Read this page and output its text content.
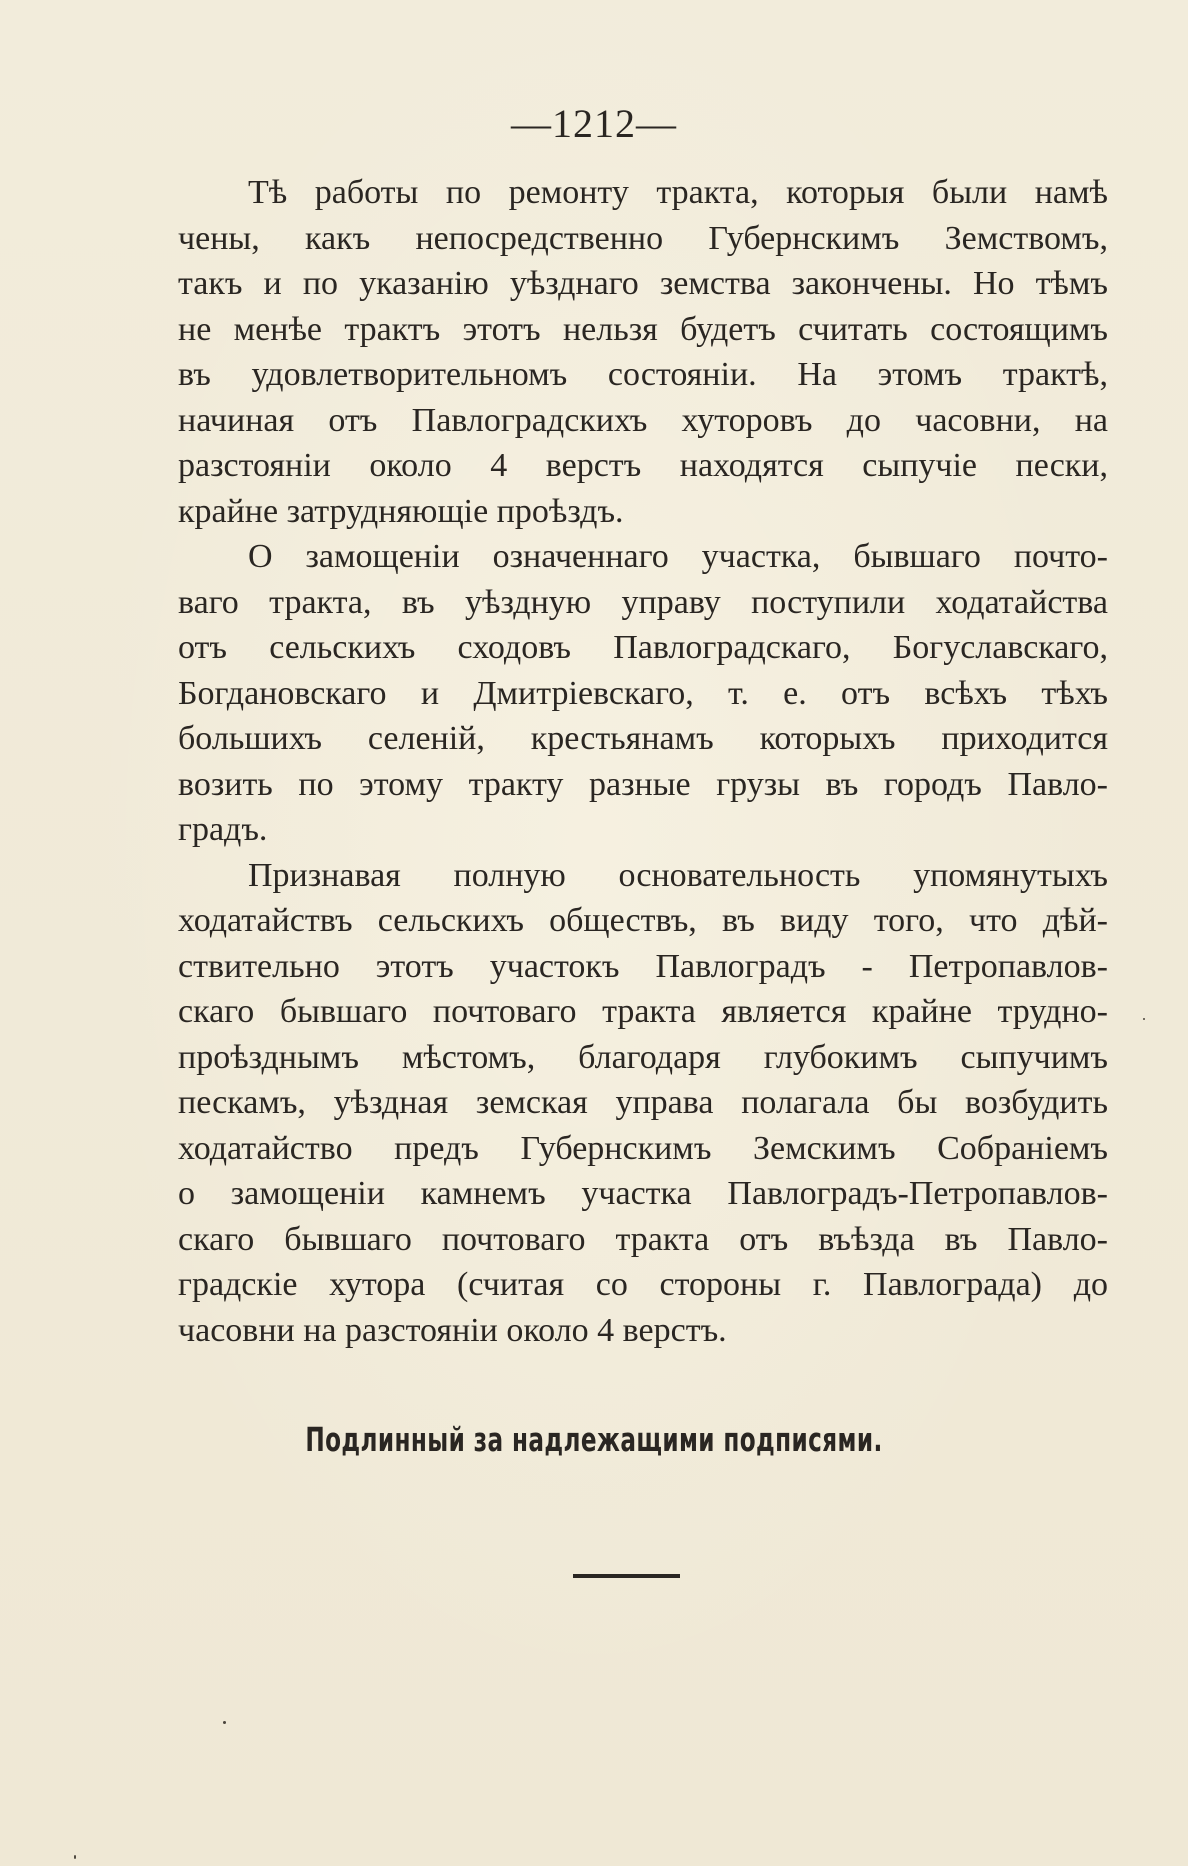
—1212—
Тѣ работы по ремонту тракта, которыя были намѣ
чены, какъ непосредственно Губернскимъ Земствомъ,
такъ и по указанію уѣзднаго земства закончены. Но тѣмъ
не менѣе трактъ этотъ нельзя будетъ считать состоящимъ
въ удовлетворительномъ состояніи. На этомъ трактѣ,
начиная отъ Павлоградскихъ хуторовъ до часовни, на
разстояніи около 4 верстъ находятся сыпучіе пески,
крайне затрудняющіе проѣздъ.
О замощеніи означеннаго участка, бывшаго почто-
ваго тракта, въ уѣздную управу поступили ходатайства
отъ сельскихъ сходовъ Павлоградскаго, Богуславскаго,
Богдановскаго и Дмитріевскаго, т. е. отъ всѣхъ тѣхъ
большихъ селеній, крестьянамъ которыхъ приходится
возить по этому тракту разные грузы въ городъ Павло-
градъ.
Признавая полную основательность упомянутыхъ
ходатайствъ сельскихъ обществъ, въ виду того, что дѣй-
ствительно этотъ участокъ Павлоградъ - Петропавлов-
скаго бывшаго почтоваго тракта является крайне трудно-
проѣзднымъ мѣстомъ, благодаря глубокимъ сыпучимъ
пескамъ, уѣздная земская управа полагала бы возбудить
ходатайство предъ Губернскимъ Земскимъ Собраніемъ
о замощеніи камнемъ участка Павлоградъ-Петропавлов-
скаго бывшаго почтоваго тракта отъ въѣзда въ Павло-
градскіе хутора (считая со стороны г. Павлограда) до
часовни на разстояніи около 4 верстъ.
Подлинный за надлежащими подписями.
